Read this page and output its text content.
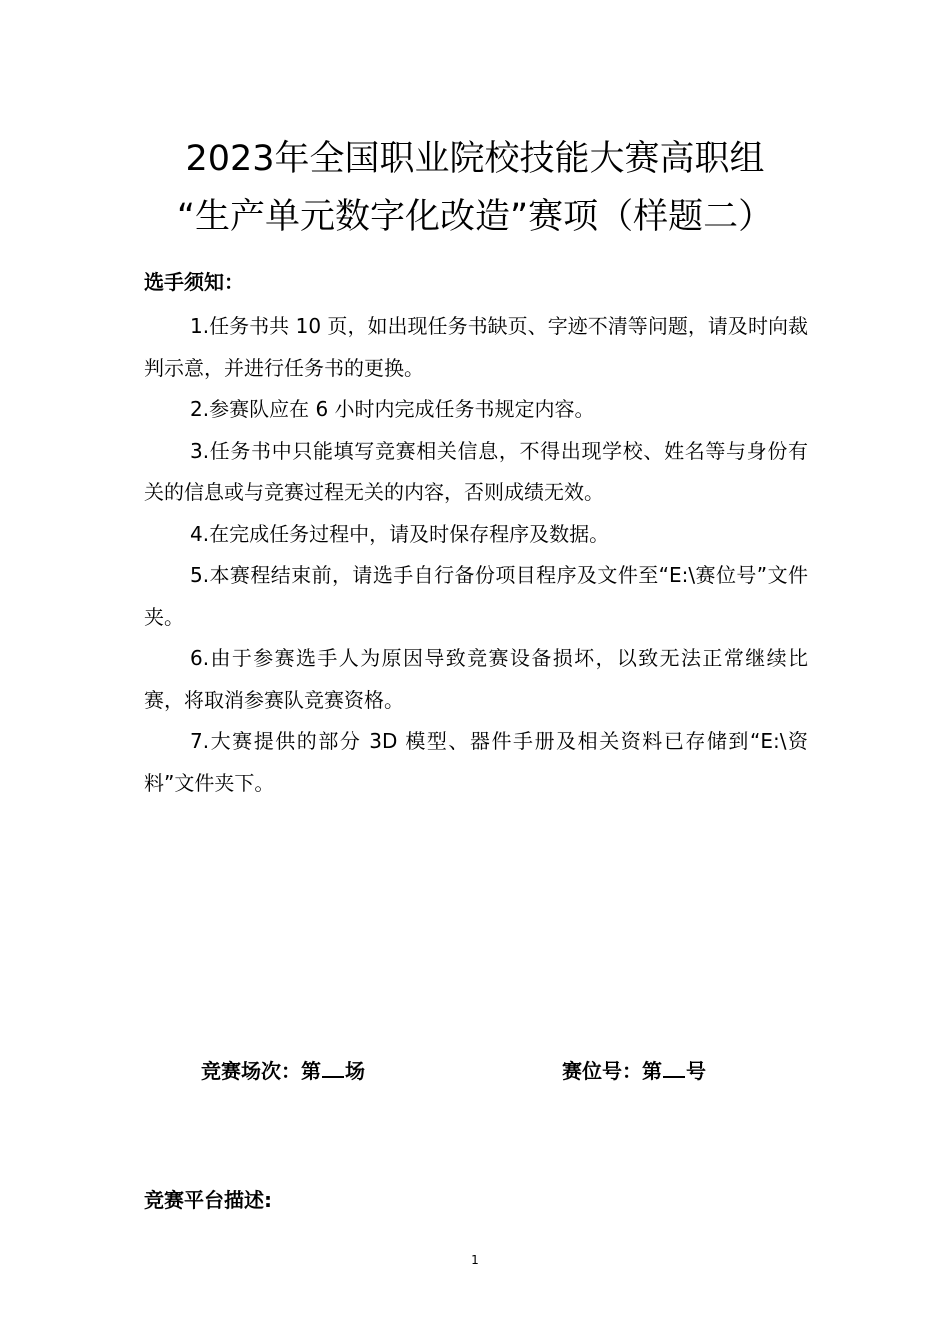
2023年全国职业院校技能大赛高职组
“生产单元数字化改造”赛项（样题二）
选手须知：

1.任务书共 10 页，如出现任务书缺页、字迹不清等问题，请及时向裁判示意，并进行任务书的更换。

2.参赛队应在 6 小时内完成任务书规定内容。

3.任务书中只能填写竞赛相关信息，不得出现学校、姓名等与身份有关的信息或与竞赛过程无关的内容，否则成绩无效。

4.在完成任务过程中，请及时保存程序及数据。

5.本赛程结束前，请选手自行备份项目程序及文件至“E:\赛位号”文件夹。

6.由于参赛选手人为原因导致竞赛设备损坏，以致无法正常继续比赛，将取消参赛队竞赛资格。

7.大赛提供的部分 3D 模型、器件手册及相关资料已存储到“E:\资料”文件夹下。

竞赛场次：第 场	赛位号：第 号
竞赛平台描述:
1
